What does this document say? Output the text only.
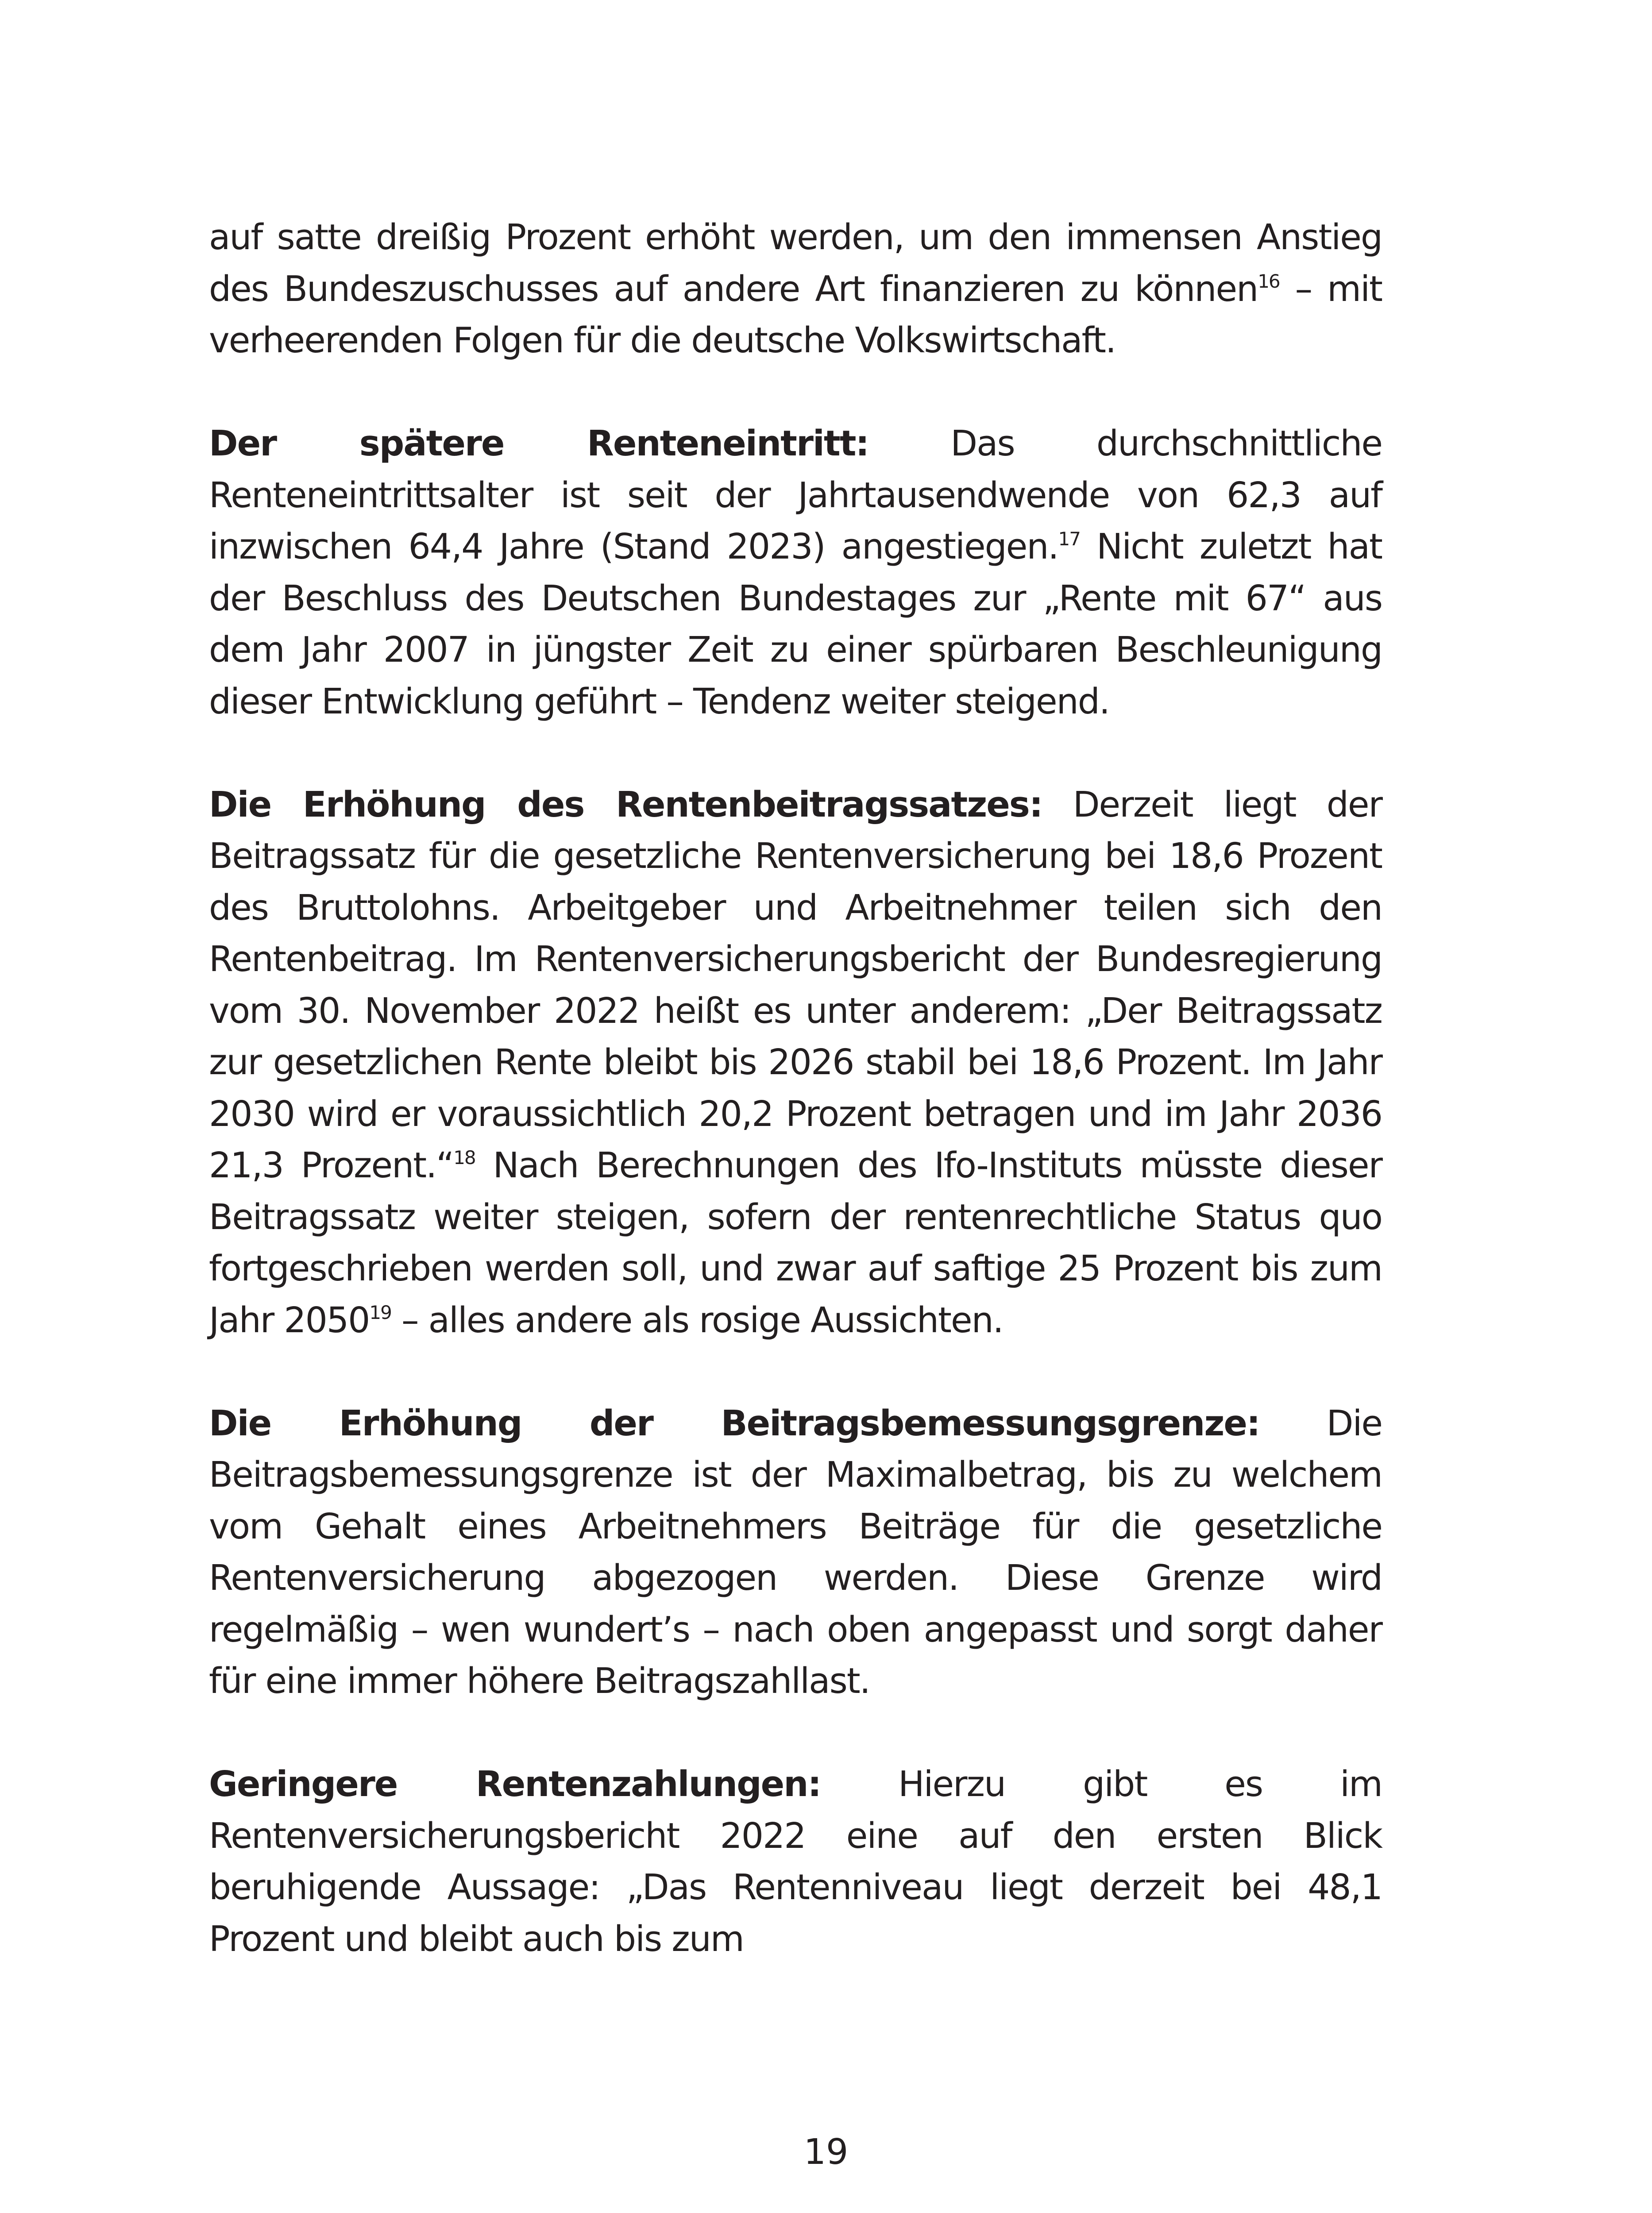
auf satte dreißig Prozent erhöht werden, um den immensen Anstieg des Bundeszuschusses auf andere Art finanzieren zu können$^{16}$ – mit verheerenden Folgen für die deutsche Volkswirtschaft.

Der spätere Renteneintritt: Das durchschnittliche Renteneintrittsalter ist seit der Jahrtausendwende von 62,3 auf inzwischen 64,4 Jahre (Stand 2023) angestiegen.$^{17}$ Nicht zuletzt hat der Beschluss des Deutschen Bundestages zur „Rente mit 67“ aus dem Jahr 2007 in jüngster Zeit zu einer spürbaren Beschleunigung dieser Entwicklung geführt – Tendenz weiter steigend.

Die Erhöhung des Rentenbeitragssatzes: Derzeit liegt der Beitragssatz für die gesetzliche Rentenversicherung bei 18,6 Prozent des Bruttolohns. Arbeitgeber und Arbeitnehmer teilen sich den Rentenbeitrag. Im Rentenversicherungsbericht der Bundesregierung vom 30. November 2022 heißt es unter anderem: „Der Beitragssatz zur gesetzlichen Rente bleibt bis 2026 stabil bei 18,6 Prozent. Im Jahr 2030 wird er voraussichtlich 20,2 Prozent betragen und im Jahr 2036 21,3 Prozent.“$^{18}$ Nach Berechnungen des Ifo-Instituts müsste dieser Beitragssatz weiter steigen, sofern der rentenrechtliche Status quo fortgeschrieben werden soll, und zwar auf saftige 25 Prozent bis zum Jahr 2050$^{19}$ – alles andere als rosige Aussichten.

Die Erhöhung der Beitragsbemessungsgrenze: Die Beitragsbemessungsgrenze ist der Maximalbetrag, bis zu welchem vom Gehalt eines Arbeitnehmers Beiträge für die gesetzliche Rentenversicherung abgezogen werden. Diese Grenze wird regelmäßig – wen wundert’s – nach oben angepasst und sorgt daher für eine immer höhere Beitragszahllast.

Geringere Rentenzahlungen: Hierzu gibt es im Rentenversicherungsbericht 2022 eine auf den ersten Blick beruhigende Aussage: „Das Rentenniveau liegt derzeit bei 48,1 Prozent und bleibt auch bis zum

19
